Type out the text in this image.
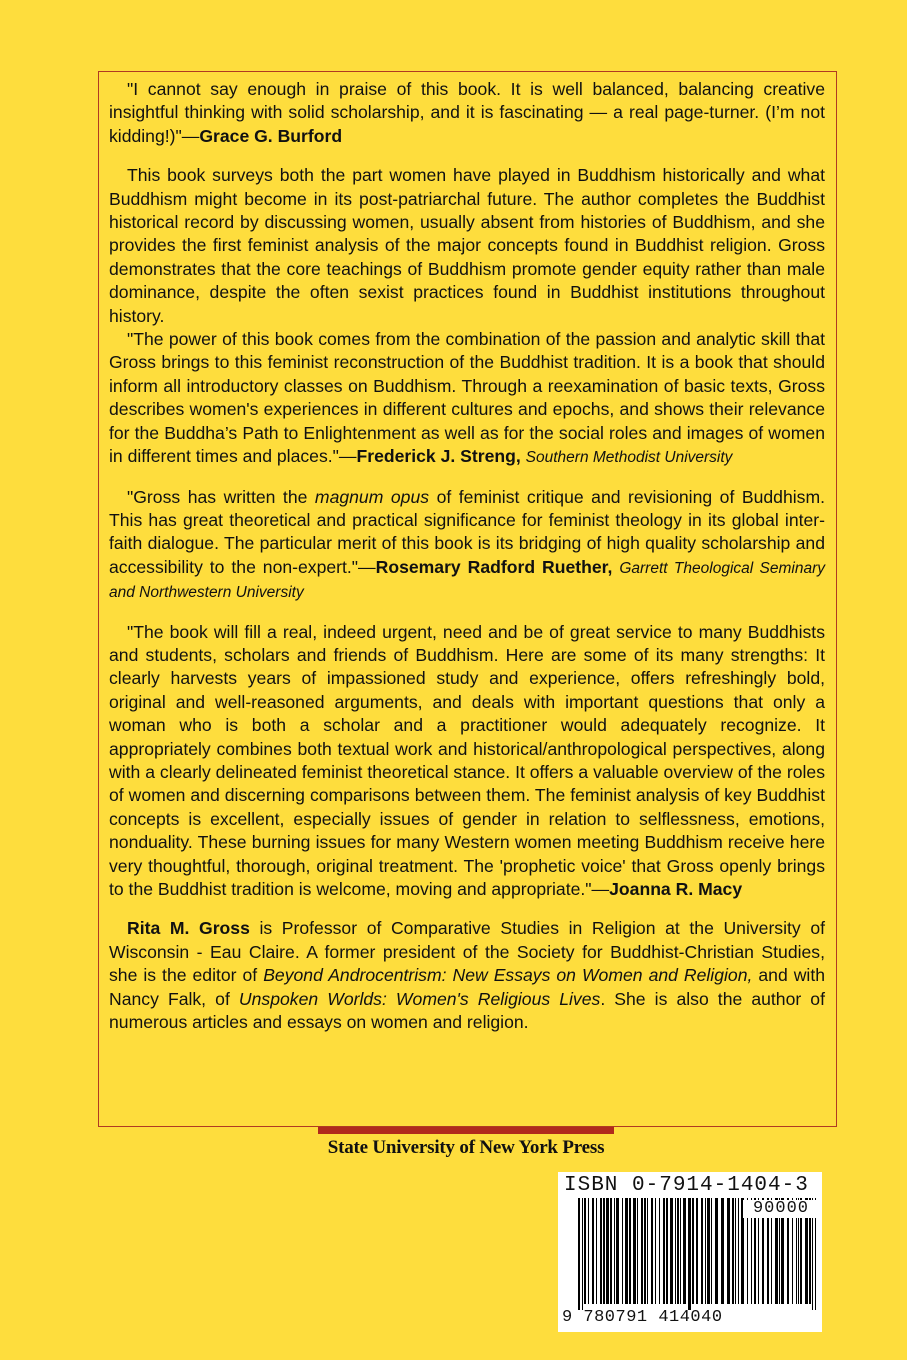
"I cannot say enough in praise of this book. It is well balanced, balancing creative insightful thinking with solid scholarship, and it is fascinating — a real page-turner. (I’m not kidding!)"—Grace G. Burford

This book surveys both the part women have played in Buddhism historically and what Buddhism might become in its post-patriarchal future. The author completes the Buddhist historical record by discussing women, usually absent from histories of Buddhism, and she provides the first feminist analysis of the major concepts found in Buddhist religion. Gross demonstrates that the core teachings of Buddhism promote gender equity rather than male dominance, despite the often sexist practices found in Buddhist institutions throughout history.

"The power of this book comes from the combination of the passion and analytic skill that Gross brings to this feminist reconstruction of the Buddhist tradition. It is a book that should inform all introductory classes on Buddhism. Through a reexamination of basic texts, Gross describes women's experiences in different cultures and epochs, and shows their relevance for the Buddha’s Path to Enlightenment as well as for the social roles and images of women in different times and places."—Frederick J. Streng, Southern Methodist University

"Gross has written the magnum opus of feminist critique and revisioning of Buddhism. This has great theoretical and practical significance for feminist theology in its global inter-faith dialogue. The particular merit of this book is its bridging of high quality scholarship and accessibility to the non-expert."—Rosemary Radford Ruether, Garrett Theological Seminary and Northwestern University

"The book will fill a real, indeed urgent, need and be of great service to many Buddhists and students, scholars and friends of Buddhism. Here are some of its many strengths: It clearly harvests years of impassioned study and experience, offers refreshingly bold, original and well-reasoned arguments, and deals with important questions that only a woman who is both a scholar and a practitioner would adequately recognize. It appropriately combines both textual work and historical/anthropological perspectives, along with a clearly delineated feminist theoretical stance. It offers a valuable overview of the roles of women and discerning comparisons between them. The feminist analysis of key Buddhist concepts is excellent, especially issues of gender in relation to selflessness, emotions, nonduality. These burning issues for many Western women meeting Buddhism receive here very thoughtful, thorough, original treatment. The 'prophetic voice' that Gross openly brings to the Buddhist tradition is welcome, moving and appropriate."—Joanna R. Macy

Rita M. Gross is Professor of Comparative Studies in Religion at the University of Wisconsin - Eau Claire. A former president of the Society for Buddhist-Christian Studies, she is the editor of Beyond Androcentrism: New Essays on Women and Religion, and with Nancy Falk, of Unspoken Worlds: Women's Religious Lives. She is also the author of numerous articles and essays on women and religion.

State University of New York Press
ISBN 0-7914-1404-3
90000
9 780791 414040
